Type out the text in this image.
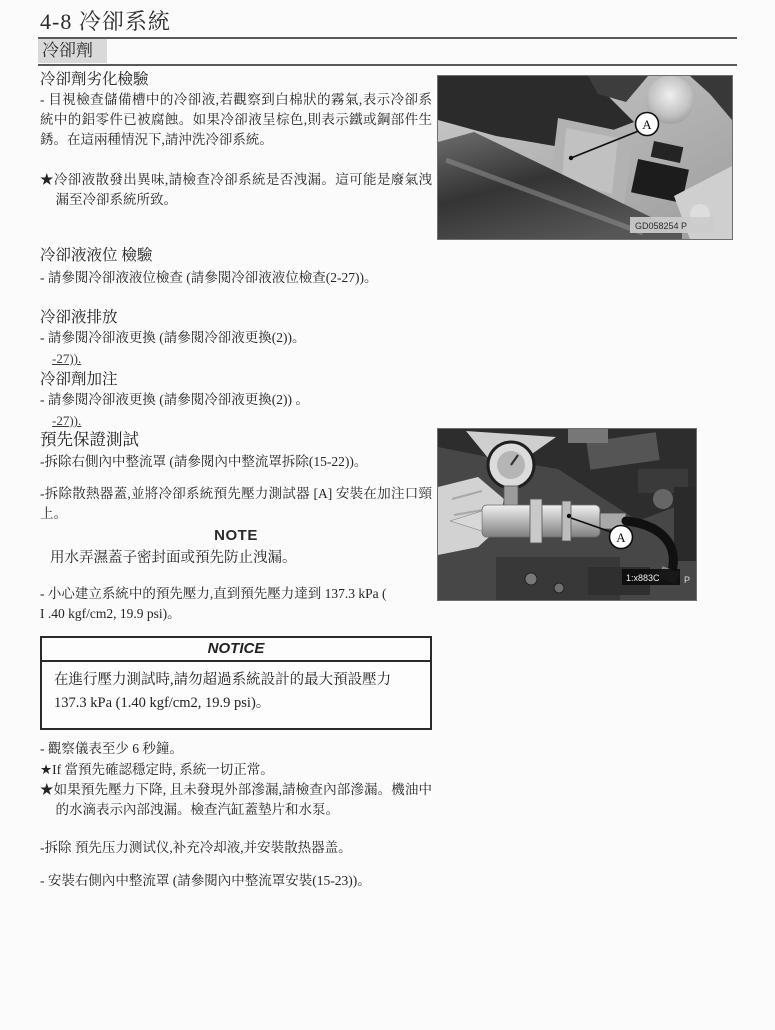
4-8 冷卻系統
冷卻劑

冷卻劑劣化檢驗

- 目視檢查儲備槽中的冷卻液,若觀察到白棉狀的霧氣,表示冷卻系統中的鋁零件已被腐蝕。如果冷卻液呈棕色,則表示鐵或鋼部件生銹。在這兩種情況下,請沖洗冷卻系統。

★冷卻液散發出異味,請檢查冷卻系統是否洩漏。這可能是廢氣洩漏至冷卻系統所致。

冷卻液液位 檢驗

- 請參閱冷卻液液位檢查 (請參閱冷卻液液位檢查(2-27))。

冷卻液排放

- 請參閱冷卻液更換 (請參閱冷卻液更換(2))。

-27)).

冷卻劑加注

- 請參閱冷卻液更換 (請參閱冷卻液更換(2)) 。

-27)).

預先保證測試

-拆除右側內中整流罩 (請參閱內中整流罩拆除(15-22))。

-拆除散熱器蓋,並將冷卻系統預先壓力測試器 [A] 安裝在加注口頸上。

NOTE

用水弄濕蓋子密封面或預先防止洩漏。

- 小心建立系統中的預先壓力,直到預先壓力達到 137.3 kPa (
I .40 kgf/cm2, 19.9 psi)。

NOTICE

在進行壓力測試時,請勿超過系統設計的最大預設壓力 137.3 kPa (1.40 kgf/cm2, 19.9 psi)。

- 觀察儀表至少 6 秒鐘。

★If 當預先確認穩定時, 系統一切正常。

★如果預先壓力下降, 且未發現外部滲漏,請檢查內部滲漏。機油中的水滴表示內部洩漏。檢查汽缸蓋墊片和水泵。

-拆除 預先压力测试仪,补充冷却液,并安裝散热器盖。

- 安裝右側內中整流罩 (請參閱內中整流罩安裝(15-23))。

A
GD058254 P
A
1:x883C	P
